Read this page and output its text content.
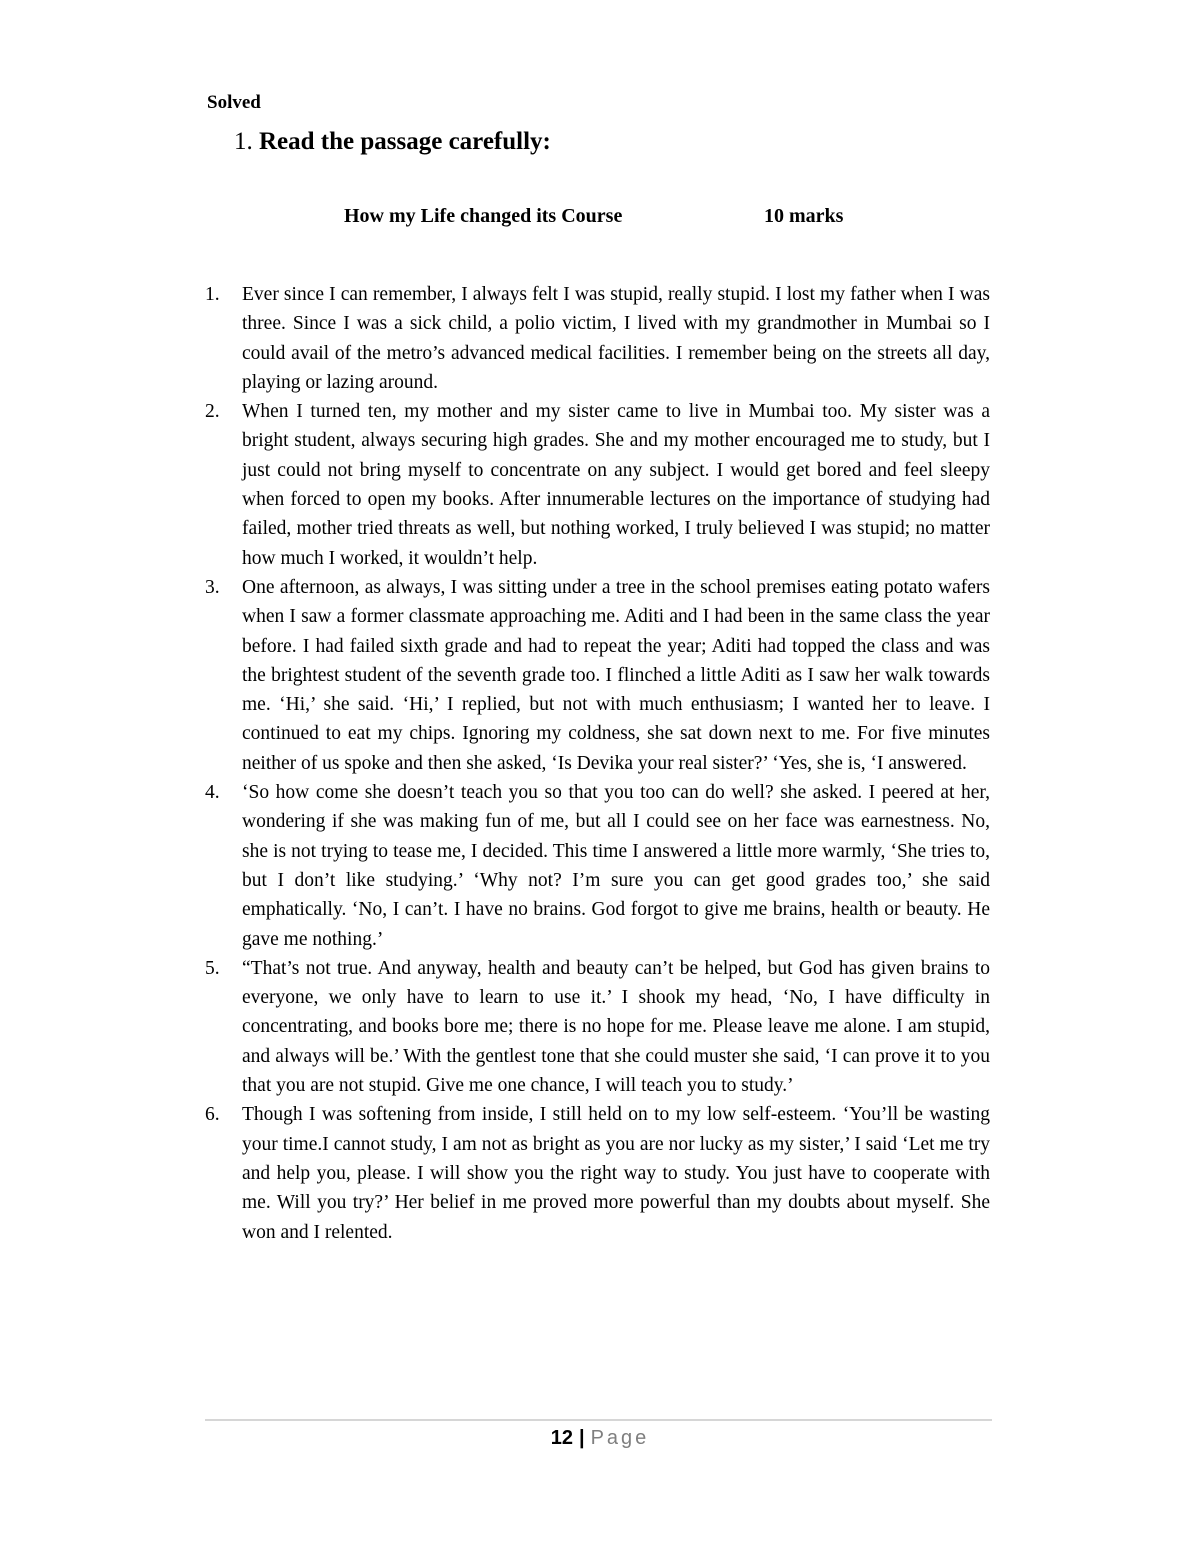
Solved
1. Read the passage carefully:
How my Life changed its Course	10 marks
1. Ever since I can remember, I always felt I was stupid, really stupid. I lost my father when I was three. Since I was a sick child, a polio victim, I lived with my grandmother in Mumbai so I could avail of the metro’s advanced medical facilities. I remember being on the streets all day, playing or lazing around.
2. When I turned ten, my mother and my sister came to live in Mumbai too. My sister was a bright student, always securing high grades. She and my mother encouraged me to study, but I just could not bring myself to concentrate on any subject. I would get bored and feel sleepy when forced to open my books. After innumerable lectures on the importance of studying had failed, mother tried threats as well, but nothing worked, I truly believed I was stupid; no matter how much I worked, it wouldn’t help.
3. One afternoon, as always, I was sitting under a tree in the school premises eating potato wafers when I saw a former classmate approaching me. Aditi and I had been in the same class the year before. I had failed sixth grade and had to repeat the year; Aditi had topped the class and was the brightest student of the seventh grade too. I flinched a little Aditi as I saw her walk towards me. ‘Hi,’ she said. ‘Hi,’ I replied, but not with much enthusiasm; I wanted her to leave. I continued to eat my chips. Ignoring my coldness, she sat down next to me. For five minutes neither of us spoke and then she asked, ‘Is Devika your real sister?’ ‘Yes, she is, ‘I answered.
4. ‘So how come she doesn’t teach you so that you too can do well? she asked. I peered at her, wondering if she was making fun of me, but all I could see on her face was earnestness. No, she is not trying to tease me, I decided. This time I answered a little more warmly, ‘She tries to, but I don’t like studying.’ ‘Why not? I’m sure you can get good grades too,’ she said emphatically. ‘No, I can’t. I have no brains. God forgot to give me brains, health or beauty. He gave me nothing.’
5. “That’s not true. And anyway, health and beauty can’t be helped, but God has given brains to everyone, we only have to learn to use it.’ I shook my head, ‘No, I have difficulty in concentrating, and books bore me; there is no hope for me. Please leave me alone. I am stupid, and always will be.’ With the gentlest tone that she could muster she said, ‘I can prove it to you that you are not stupid. Give me one chance, I will teach you to study.’
6. Though I was softening from inside, I still held on to my low self-esteem. ‘You’ll be wasting your time.I cannot study, I am not as bright as you are nor lucky as my sister,’ I said ‘Let me try and help you, please. I will show you the right way to study. You just have to cooperate with me. Will you try?’ Her belief in me proved more powerful than my doubts about myself. She won and I relented.
12 | Page
